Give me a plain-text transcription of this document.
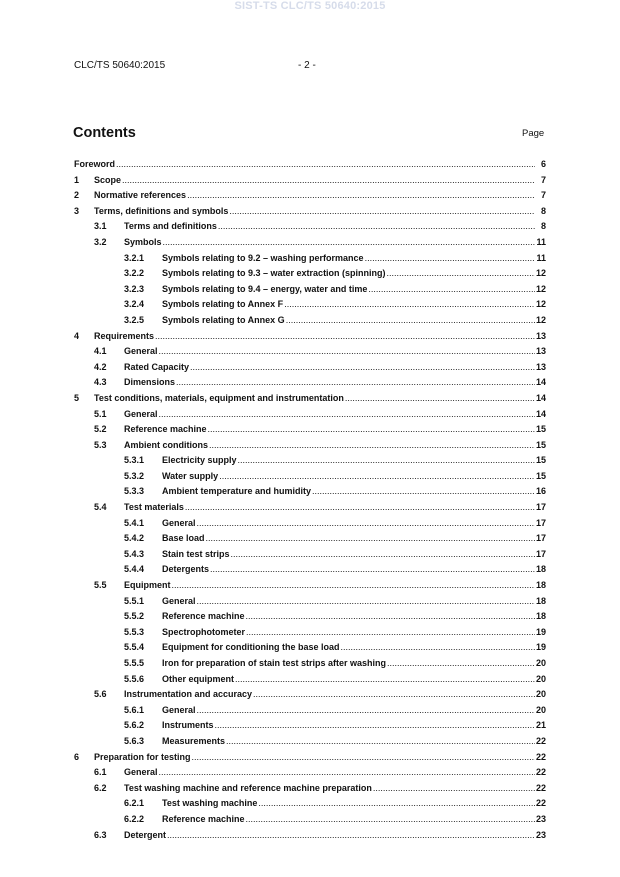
SIST-TS CLC/TS 50640:2015
CLC/TS 50640:2015	- 2 -
Contents	Page
Foreword .....	6
1	Scope .....	7
2	Normative references .....	7
3	Terms, definitions and symbols .....	8
3.1	Terms and definitions .....	8
3.2	Symbols .....	11
3.2.1	Symbols relating to 9.2 – washing performance .....	11
3.2.2	Symbols relating to 9.3 – water extraction (spinning) .....	12
3.2.3	Symbols relating to 9.4 – energy, water and time .....	12
3.2.4	Symbols relating to Annex F .....	12
3.2.5	Symbols relating to Annex G .....	12
4	Requirements .....	13
4.1	General .....	13
4.2	Rated Capacity .....	13
4.3	Dimensions .....	14
5	Test conditions, materials, equipment and instrumentation .....	14
5.1	General .....	14
5.2	Reference machine .....	15
5.3	Ambient conditions .....	15
5.3.1	Electricity supply .....	15
5.3.2	Water supply .....	15
5.3.3	Ambient temperature and humidity .....	16
5.4	Test materials .....	17
5.4.1	General .....	17
5.4.2	Base load .....	17
5.4.3	Stain test strips .....	17
5.4.4	Detergents .....	18
5.5	Equipment .....	18
5.5.1	General .....	18
5.5.2	Reference machine .....	18
5.5.3	Spectrophotometer .....	19
5.5.4	Equipment for conditioning the base load .....	19
5.5.5	Iron for preparation of stain test strips after washing .....	20
5.5.6	Other equipment .....	20
5.6	Instrumentation and accuracy .....	20
5.6.1	General .....	20
5.6.2	Instruments .....	21
5.6.3	Measurements .....	22
6	Preparation for testing .....	22
6.1	General .....	22
6.2	Test washing machine and reference machine preparation .....	22
6.2.1	Test washing machine .....	22
6.2.2	Reference machine .....	23
6.3	Detergent .....	23
